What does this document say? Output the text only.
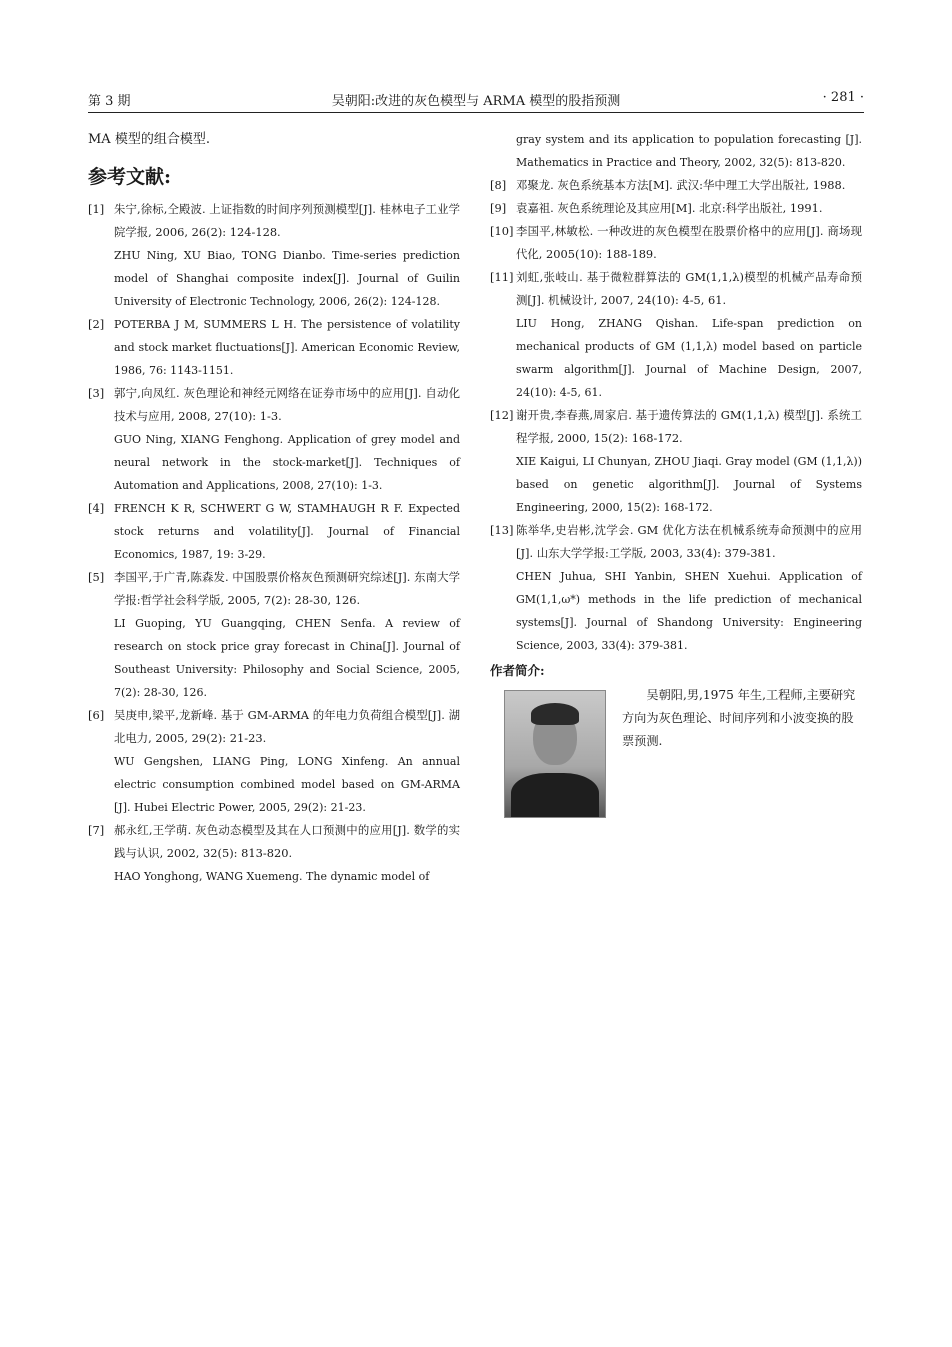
第 3 期	吴朝阳:改进的灰色模型与 ARMA 模型的股指预测	· 281 ·

MA 模型的组合模型.

参考文献:

[1] 朱宁,徐标,仝殿波. 上证指数的时间序列预测模型[J]. 桂林电子工业学院学报, 2006, 26(2): 124-128.
ZHU Ning, XU Biao, TONG Dianbo. Time-series prediction model of Shanghai composite index[J]. Journal of Guilin University of Electronic Technology, 2006, 26(2): 124-128.

[2] POTERBA J M, SUMMERS L H. The persistence of volatility and stock market fluctuations[J]. American Economic Review, 1986, 76: 1143-1151.

[3] 郭宁,向凤红. 灰色理论和神经元网络在证券市场中的应用[J]. 自动化技术与应用, 2008, 27(10): 1-3.
GUO Ning, XIANG Fenghong. Application of grey model and neural network in the stock-market[J]. Techniques of Automation and Applications, 2008, 27(10): 1-3.

[4] FRENCH K R, SCHWERT G W, STAMHAUGH R F. Expected stock returns and volatility[J]. Journal of Financial Economics, 1987, 19: 3-29.

[5] 李国平,于广青,陈森发. 中国股票价格灰色预测研究综述[J]. 东南大学学报:哲学社会科学版, 2005, 7(2): 28-30, 126.
LI Guoping, YU Guangqing, CHEN Senfa. A review of research on stock price gray forecast in China[J]. Journal of Southeast University: Philosophy and Social Science, 2005, 7(2): 28-30, 126.

[6] 吴庚申,梁平,龙新峰. 基于 GM-ARMA 的年电力负荷组合模型[J]. 湖北电力, 2005, 29(2): 21-23.
WU Gengshen, LIANG Ping, LONG Xinfeng. An annual electric consumption combined model based on GM-ARMA [J]. Hubei Electric Power, 2005, 29(2): 21-23.

[7] 郝永红,王学萌. 灰色动态模型及其在人口预测中的应用[J]. 数学的实践与认识, 2002, 32(5): 813-820.
HAO Yonghong, WANG Xuemeng. The dynamic model of

gray system and its application to population forecasting [J]. Mathematics in Practice and Theory, 2002, 32(5): 813-820.

[8] 邓聚龙. 灰色系统基本方法[M]. 武汉:华中理工大学出版社, 1988.

[9] 袁嘉祖. 灰色系统理论及其应用[M]. 北京:科学出版社, 1991.

[10] 李国平,林敏松. 一种改进的灰色模型在股票价格中的应用[J]. 商场现代化, 2005(10): 188-189.

[11] 刘虹,张岐山. 基于微粒群算法的 GM(1,1,λ)模型的机械产品寿命预测[J]. 机械设计, 2007, 24(10): 4-5, 61.
LIU Hong, ZHANG Qishan. Life-span prediction on mechanical products of GM (1,1,λ) model based on particle swarm algorithm[J]. Journal of Machine Design, 2007, 24(10): 4-5, 61.

[12] 谢开贵,李春燕,周家启. 基于遗传算法的 GM(1,1,λ) 模型[J]. 系统工程学报, 2000, 15(2): 168-172.
XIE Kaigui, LI Chunyan, ZHOU Jiaqi. Gray model (GM (1,1,λ)) based on genetic algorithm[J]. Journal of Systems Engineering, 2000, 15(2): 168-172.

[13] 陈举华,史岩彬,沈学会. GM 优化方法在机械系统寿命预测中的应用[J]. 山东大学学报:工学版, 2003, 33(4): 379-381.
CHEN Juhua, SHI Yanbin, SHEN Xuehui. Application of GM(1,1,ω*) methods in the life prediction of mechanical systems[J]. Journal of Shandong University: Engineering Science, 2003, 33(4): 379-381.

作者简介:
吴朝阳,男,1975 年生,工程师,主要研究方向为灰色理论、时间序列和小波变换的股票预测.
